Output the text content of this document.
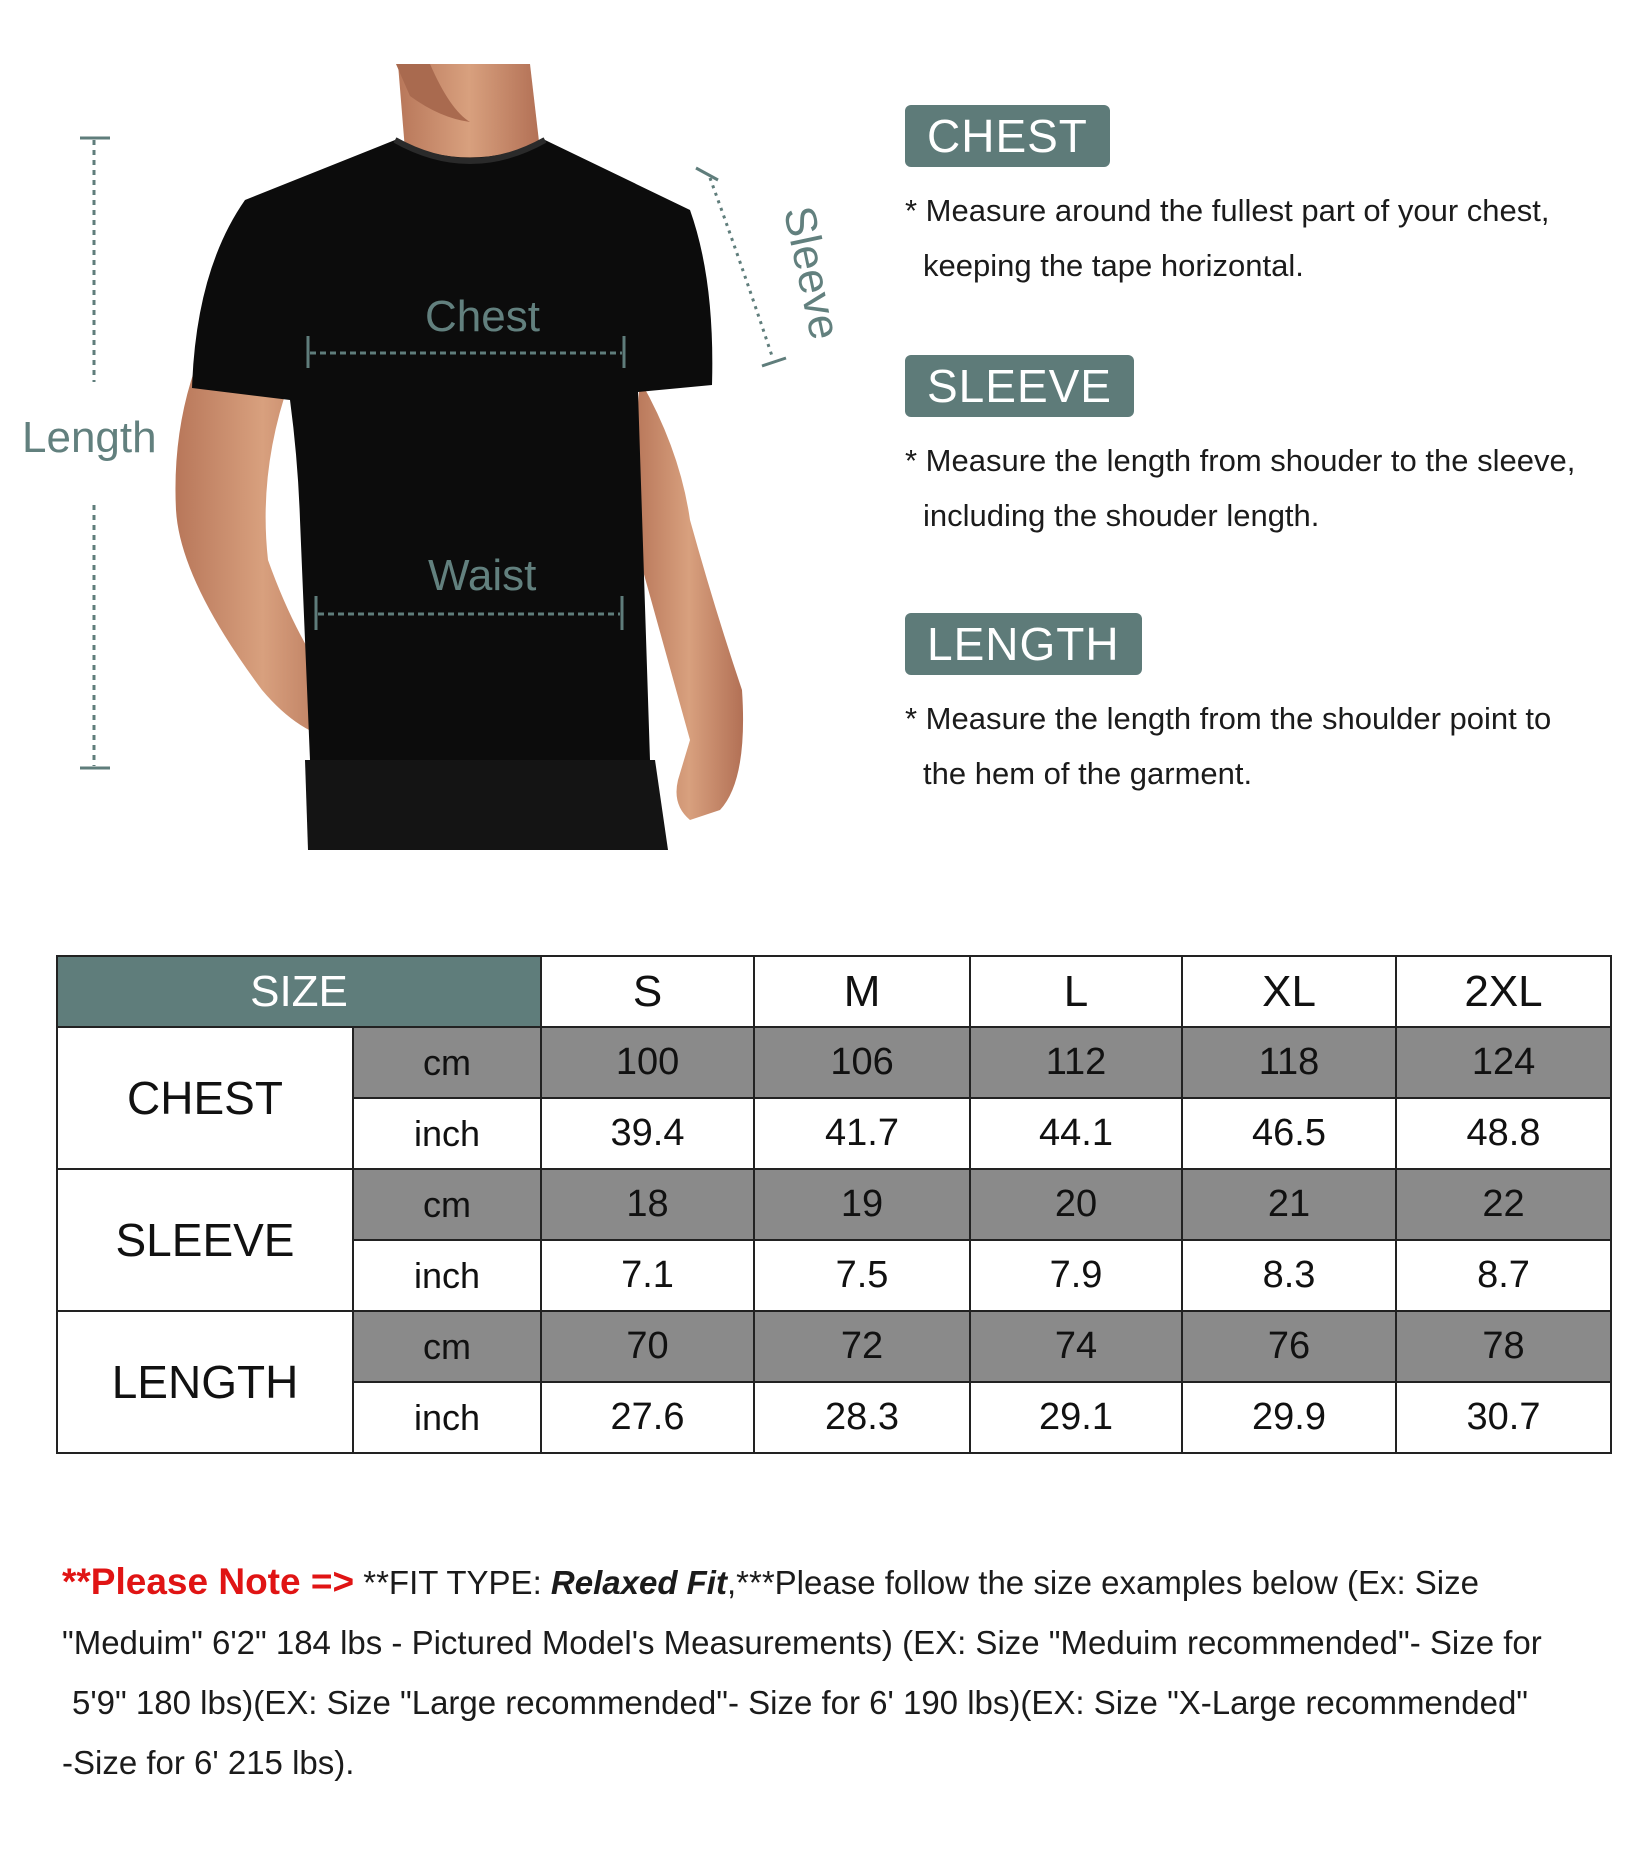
Chest
Waist
Length
Sleeve
CHEST
* Measure around the fullest part of your chest,
keeping the tape horizontal.
SLEEVE
* Measure the length from shouder to the sleeve,
including the shouder length.
LENGTH
* Measure the length from the shoulder point to
the hem of the garment.
SIZE		S	M	L	XL	2XL
CHEST	cm	100	106	112	118	124
	inch	39.4	41.7	44.1	46.5	48.8
SLEEVE	cm	18	19	20	21	22
	inch	7.1	7.5	7.9	8.3	8.7
LENGTH	cm	70	72	74	76	78
	inch	27.6	28.3	29.1	29.9	30.7
**Please Note => **FIT TYPE: Relaxed Fit,***Please follow the size examples below (Ex: Size
"Meduim" 6'2" 184 lbs - Pictured Model's Measurements) (EX: Size "Meduim recommended"- Size for
5'9" 180 lbs)(EX: Size "Large recommended"- Size for 6' 190 lbs)(EX: Size "X-Large recommended"
-Size for 6' 215 lbs).
